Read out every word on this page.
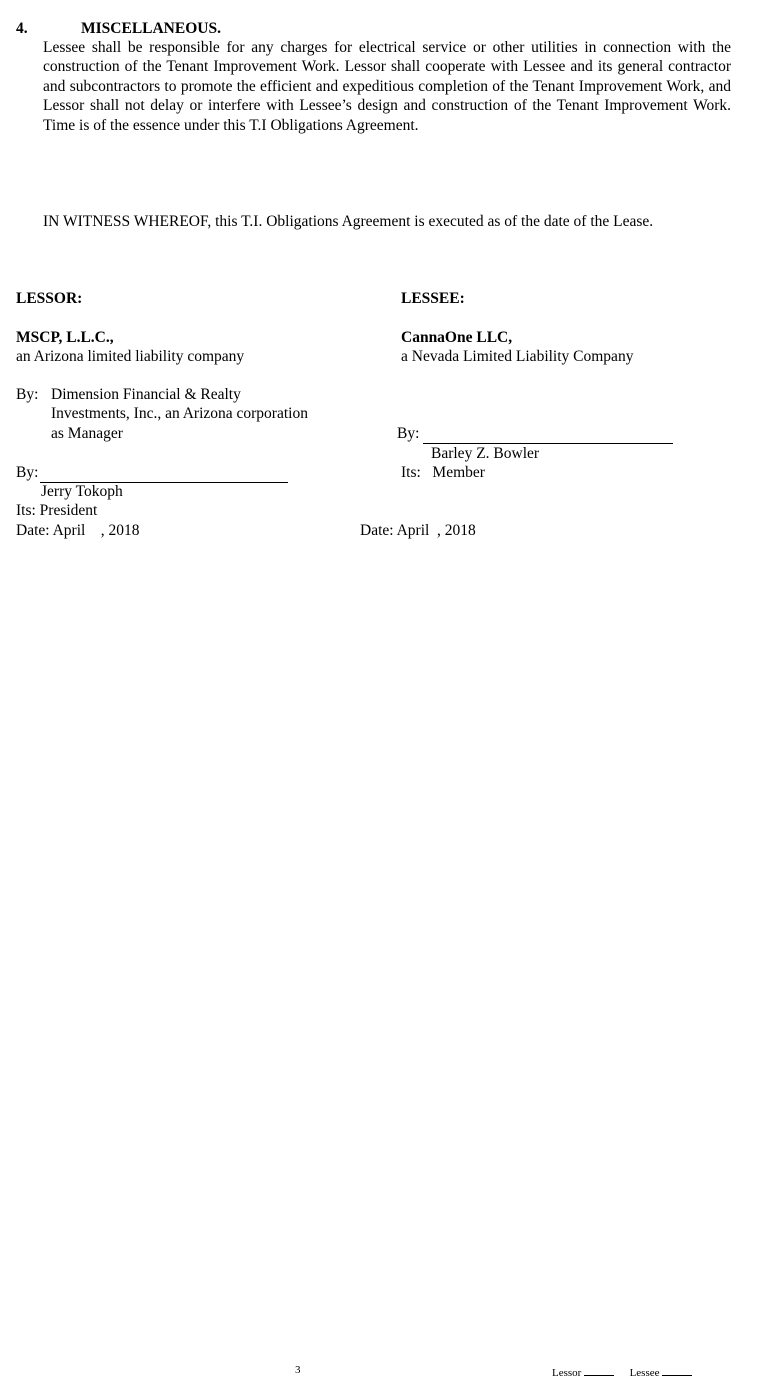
4.	MISCELLANEOUS.
Lessee shall be responsible for any charges for electrical service or other utilities in connection with the construction of the Tenant Improvement Work. Lessor shall cooperate with Lessee and its general contractor and subcontractors to promote the efficient and expeditious completion of the Tenant Improvement Work, and Lessor shall not delay or interfere with Lessee’s design and construction of the Tenant Improvement Work. Time is of the essence under this T.I Obligations Agreement.
IN WITNESS WHEREOF, this T.I. Obligations Agreement is executed as of the date of the Lease.
LESSOR:
MSCP, L.L.C.,
an Arizona limited liability company
By: Dimension Financial & Realty
Investments, Inc., an Arizona corporation
as Manager
By:
Jerry Tokoph
Its: President
Date: April    , 2018
LESSEE:
CannaOne LLC,
a Nevada Limited Liability Company
By:
Barley Z. Bowler
Its:   Member
Date: April  , 2018
3	Lessor	Lessee
